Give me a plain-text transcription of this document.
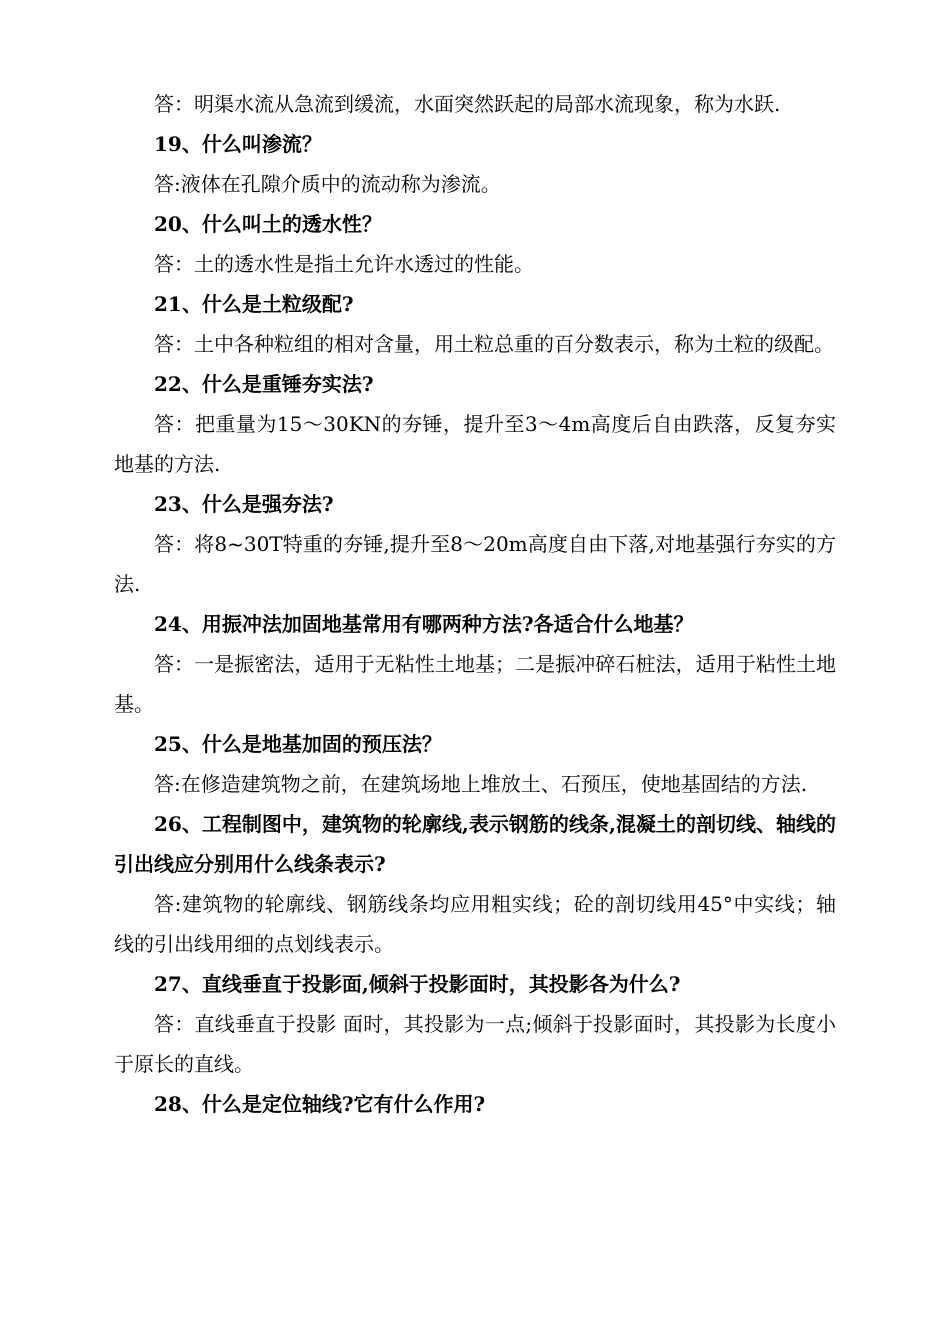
答：明渠水流从急流到缓流，水面突然跃起的局部水流现象，称为水跃.

19、什么叫渗流？

答:液体在孔隙介质中的流动称为渗流。

20、什么叫土的透水性？

答：土的透水性是指土允许水透过的性能。

21、什么是土粒级配?

答：土中各种粒组的相对含量，用土粒总重的百分数表示，称为土粒的级配。

22、什么是重锤夯实法?

答：把重量为15～30KN的夯锤，提升至3～4m高度后自由跌落，反复夯实地基的方法.

23、什么是强夯法?

答：将8~30T特重的夯锤,提升至8～20m高度自由下落,对地基强行夯实的方法.

24、用振冲法加固地基常用有哪两种方法?各适合什么地基？

答：一是振密法，适用于无粘性土地基；二是振冲碎石桩法，适用于粘性土地基。

25、什么是地基加固的预压法？

答:在修造建筑物之前，在建筑场地上堆放土、石预压，使地基固结的方法.

26、工程制图中，建筑物的轮廓线,表示钢筋的线条,混凝土的剖切线、轴线的引出线应分别用什么线条表示?

答:建筑物的轮廓线、钢筋线条均应用粗实线；砼的剖切线用45°中实线；轴线的引出线用细的点划线表示。

27、直线垂直于投影面,倾斜于投影面时，其投影各为什么?

答：直线垂直于投影 面时，其投影为一点;倾斜于投影面时，其投影为长度小于原长的直线。

28、什么是定位轴线?它有什么作用?
